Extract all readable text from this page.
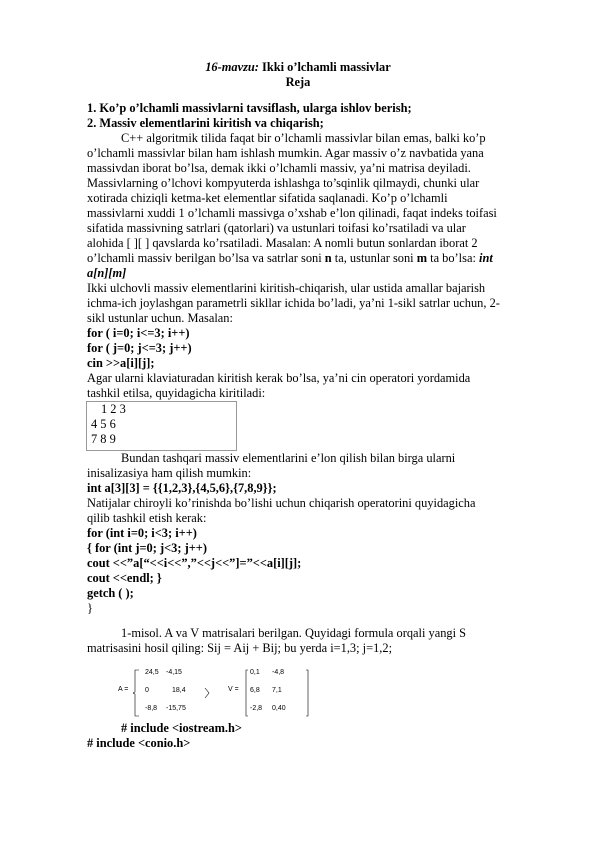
16-mavzu: Ikki o’lchamli massivlar
Reja
1. Ko’p o’lchamli massivlarni tavsiflash, ularga ishlov berish;
2. Massiv elementlarini kiritish va chiqarish;
C++ algoritmik tilida faqat bir o’lchamli massivlar bilan emas, balki ko’p
o’lchamli massivlar bilan ham ishlash mumkin. Agar massiv o’z navbatida yana
massivdan iborat bo’lsa, demak ikki o’lchamli massiv, ya’ni matrisa deyiladi.
Massivlarning o’lchovi kompyuterda ishlashga to’sqinlik qilmaydi, chunki ular
xotirada chiziqli ketma-ket elementlar sifatida saqlanadi. Ko’p o’lchamli
massivlarni xuddi 1 o’lchamli massivga o’xshab e’lon qilinadi, faqat indeks toifasi
sifatida massivning satrlari (qatorlari) va ustunlari toifasi ko’rsatiladi va ular
alohida [ ][ ] qavslarda ko’rsatiladi. Masalan: A nomli butun sonlardan iborat 2
o’lchamli massiv berilgan bo’lsa va satrlar soni n ta, ustunlar soni m ta bo’lsa: int
a[n][m]
Ikki ulchovli massiv elementlarini kiritish-chiqarish, ular ustida amallar bajarish
ichma-ich joylashgan parametrli sikllar ichida bo’ladi, ya’ni 1-sikl satrlar uchun, 2-
sikl ustunlar uchun. Masalan:
for ( i=0; i<=3; i++)
for ( j=0; j<=3; j++)
cin >>a[i][j];
Agar ularni klaviaturadan kiritish kerak bo’lsa, ya’ni cin operatori yordamida
tashkil etilsa, quyidagicha kiritiladi:
1 2 3
4 5 6
7 8 9
Bundan tashqari massiv elementlarini e’lon qilish bilan birga ularni
inisalizasiya ham qilish mumkin:
int a[3][3] = {{1,2,3},{4,5,6},{7,8,9}};
Natijalar chiroyli ko’rinishda bo’lishi uchun chiqarish operatorini quyidagicha
qilib tashkil etish kerak:
for (int i=0; i<3; i++)
{ for (int j=0; j<3; j++)
cout <<”a[“<<i<<”,”<<j<<”]=”<<a[i][j];
cout <<endl; }
getch ( );
}
1-misol. A va V matrisalari berilgan. Quyidagi formula orqali yangi S
matrisasini hosil qiling: Sij = Aij + Bij; bu yerda i=1,3; j=1,2;
A =
24,5 -4,15
0	18,4
-8,8 -15,75
V =
0,1 -4,8
6,8 7,1
-2,8 0,40
# include <iostream.h>
# include <conio.h>
